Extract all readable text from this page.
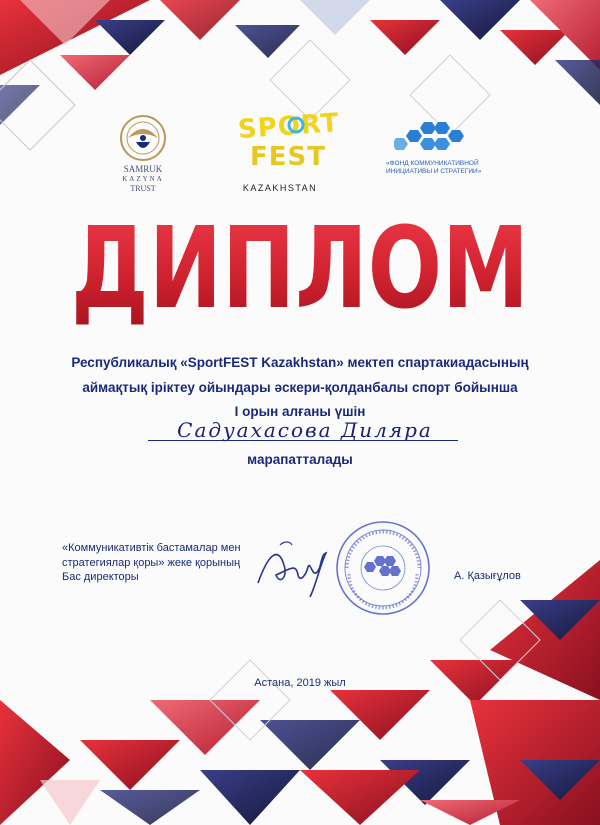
SAMRUK
KAZYNA
TRUST
SPORT
FEST
KAZAKHSTAN
«ФОНД КОММУНИКАТИВНОЙ
ИНИЦИАТИВЫ И СТРАТЕГИИ»
ДИПЛОМ
Республикалық «SportFEST Kazakhstan» мектеп спартакиадасының
аймақтық іріктеу ойындары әскери-қолданбалы спорт бойынша
I орын алғаны үшін
Садуахасова Диляра
марапатталады
«Коммуникативтік бастамалар мен
стратегиялар қоры» жеке қорының
Бас директоры	А. Қазығұлов
Астана, 2019 жыл
